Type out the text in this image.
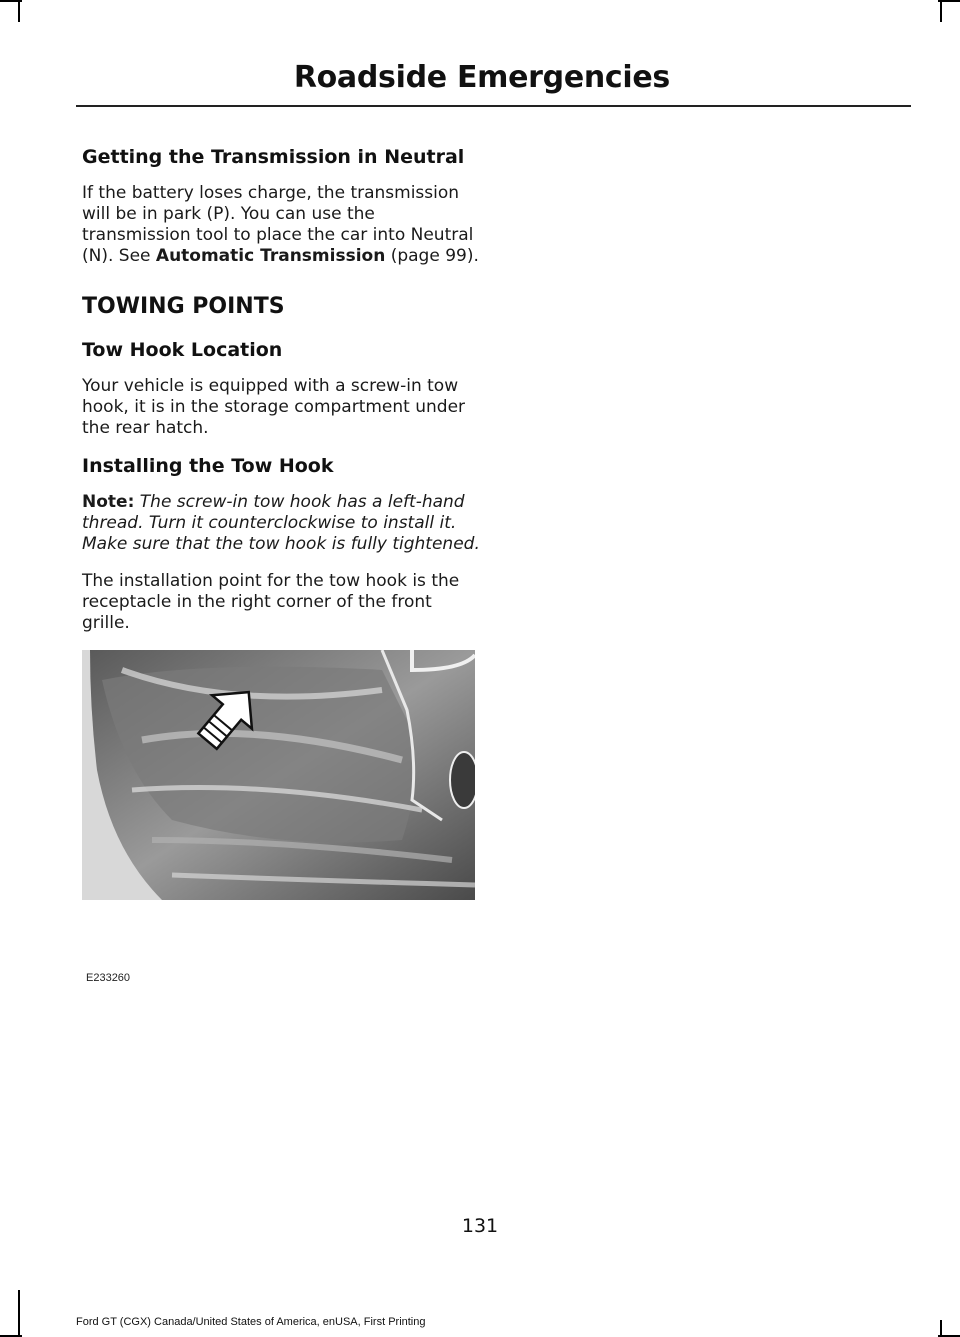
Roadside Emergencies
Getting the Transmission in Neutral

If the battery loses charge, the transmission will be in park (P). You can use the transmission tool to place the car into Neutral (N). See Automatic Transmission (page 99).

TOWING POINTS
Tow Hook Location

Your vehicle is equipped with a screw-in tow hook, it is in the storage compartment under the rear hatch.

Installing the Tow Hook

Note: The screw-in tow hook has a left-hand thread. Turn it counterclockwise to install it. Make sure that the tow hook is fully tightened.

The installation point for the tow hook is the receptacle in the right corner of the front grille.

E233260
131
Ford GT (CGX) Canada/United States of America, enUSA, First Printing
